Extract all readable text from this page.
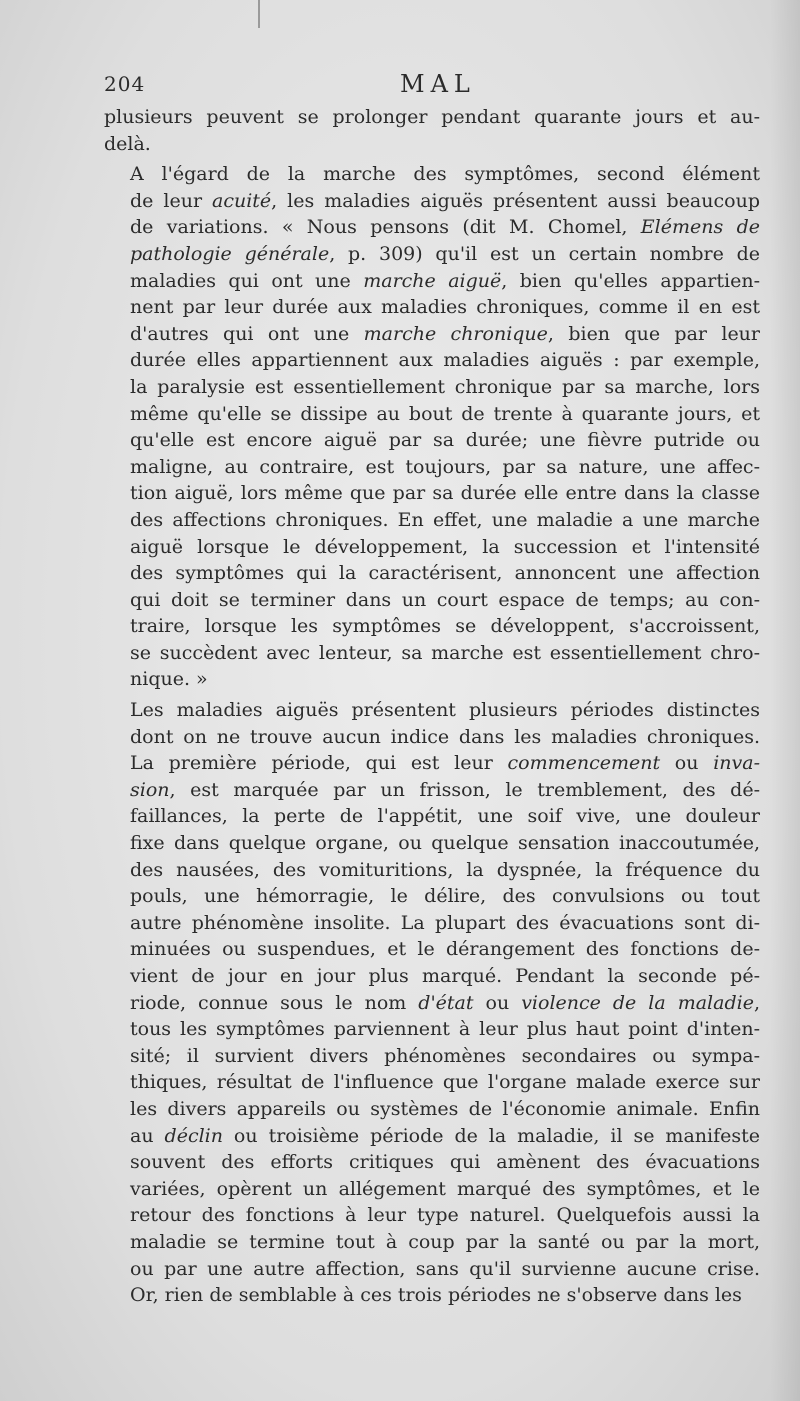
204	MAL

plusieurs peuvent se prolonger pendant quarante jours et au-
delà.

A l'égard de la marche des symptômes, second élément
de leur acuité, les maladies aiguës présentent aussi beaucoup
de variations. « Nous pensons (dit M. Chomel, Elémens de
pathologie générale, p. 309) qu'il est un certain nombre de
maladies qui ont une marche aiguë, bien qu'elles appartien-
nent par leur durée aux maladies chroniques, comme il en est
d'autres qui ont une marche chronique, bien que par leur
durée elles appartiennent aux maladies aiguës : par exemple,
la paralysie est essentiellement chronique par sa marche, lors
même qu'elle se dissipe au bout de trente à quarante jours, et
qu'elle est encore aiguë par sa durée; une fièvre putride ou
maligne, au contraire, est toujours, par sa nature, une affec-
tion aiguë, lors même que par sa durée elle entre dans la classe
des affections chroniques. En effet, une maladie a une marche
aiguë lorsque le développement, la succession et l'intensité
des symptômes qui la caractérisent, annoncent une affection
qui doit se terminer dans un court espace de temps; au con-
traire, lorsque les symptômes se développent, s'accroissent,
se succèdent avec lenteur, sa marche est essentiellement chro-
nique. »

Les maladies aiguës présentent plusieurs périodes distinctes
dont on ne trouve aucun indice dans les maladies chroniques.
La première période, qui est leur commencement ou inva-
sion, est marquée par un frisson, le tremblement, des dé-
faillances, la perte de l'appétit, une soif vive, une douleur
fixe dans quelque organe, ou quelque sensation inaccoutumée,
des nausées, des vomituritions, la dyspnée, la fréquence du
pouls, une hémorragie, le délire, des convulsions ou tout
autre phénomène insolite. La plupart des évacuations sont di-
minuées ou suspendues, et le dérangement des fonctions de-
vient de jour en jour plus marqué. Pendant la seconde pé-
riode, connue sous le nom d'état ou violence de la maladie,
tous les symptômes parviennent à leur plus haut point d'inten-
sité; il survient divers phénomènes secondaires ou sympa-
thiques, résultat de l'influence que l'organe malade exerce sur
les divers appareils ou systèmes de l'économie animale. Enfin
au déclin ou troisième période de la maladie, il se manifeste
souvent des efforts critiques qui amènent des évacuations
variées, opèrent un allégement marqué des symptômes, et le
retour des fonctions à leur type naturel. Quelquefois aussi la
maladie se termine tout à coup par la santé ou par la mort,
ou par une autre affection, sans qu'il survienne aucune crise.
Or, rien de semblable à ces trois périodes ne s'observe dans les
